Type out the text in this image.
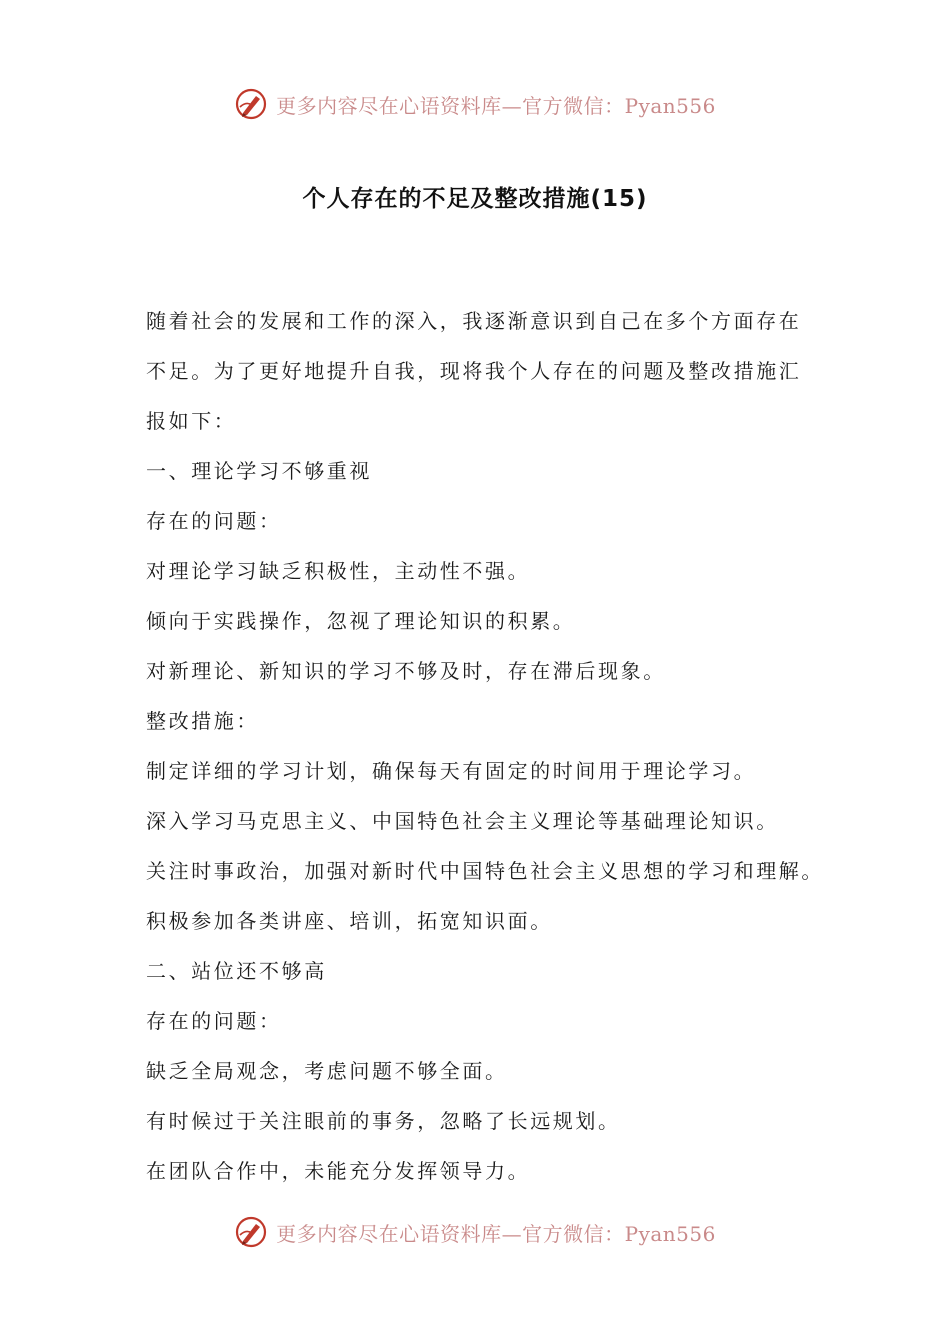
更多内容尽在心语资料库—官方微信：Pyan556
个人存在的不足及整改措施(15)

随着社会的发展和工作的深入，我逐渐意识到自己在多个方面存在不足。为了更好地提升自我，现将我个人存在的问题及整改措施汇报如下：

一、理论学习不够重视

存在的问题：

对理论学习缺乏积极性，主动性不强。

倾向于实践操作，忽视了理论知识的积累。

对新理论、新知识的学习不够及时，存在滞后现象。

整改措施：

制定详细的学习计划，确保每天有固定的时间用于理论学习。

深入学习马克思主义、中国特色社会主义理论等基础理论知识。

关注时事政治，加强对新时代中国特色社会主义思想的学习和理解。

积极参加各类讲座、培训，拓宽知识面。

二、站位还不够高

存在的问题：

缺乏全局观念，考虑问题不够全面。

有时候过于关注眼前的事务，忽略了长远规划。

在团队合作中，未能充分发挥领导力。

更多内容尽在心语资料库—官方微信：Pyan556
